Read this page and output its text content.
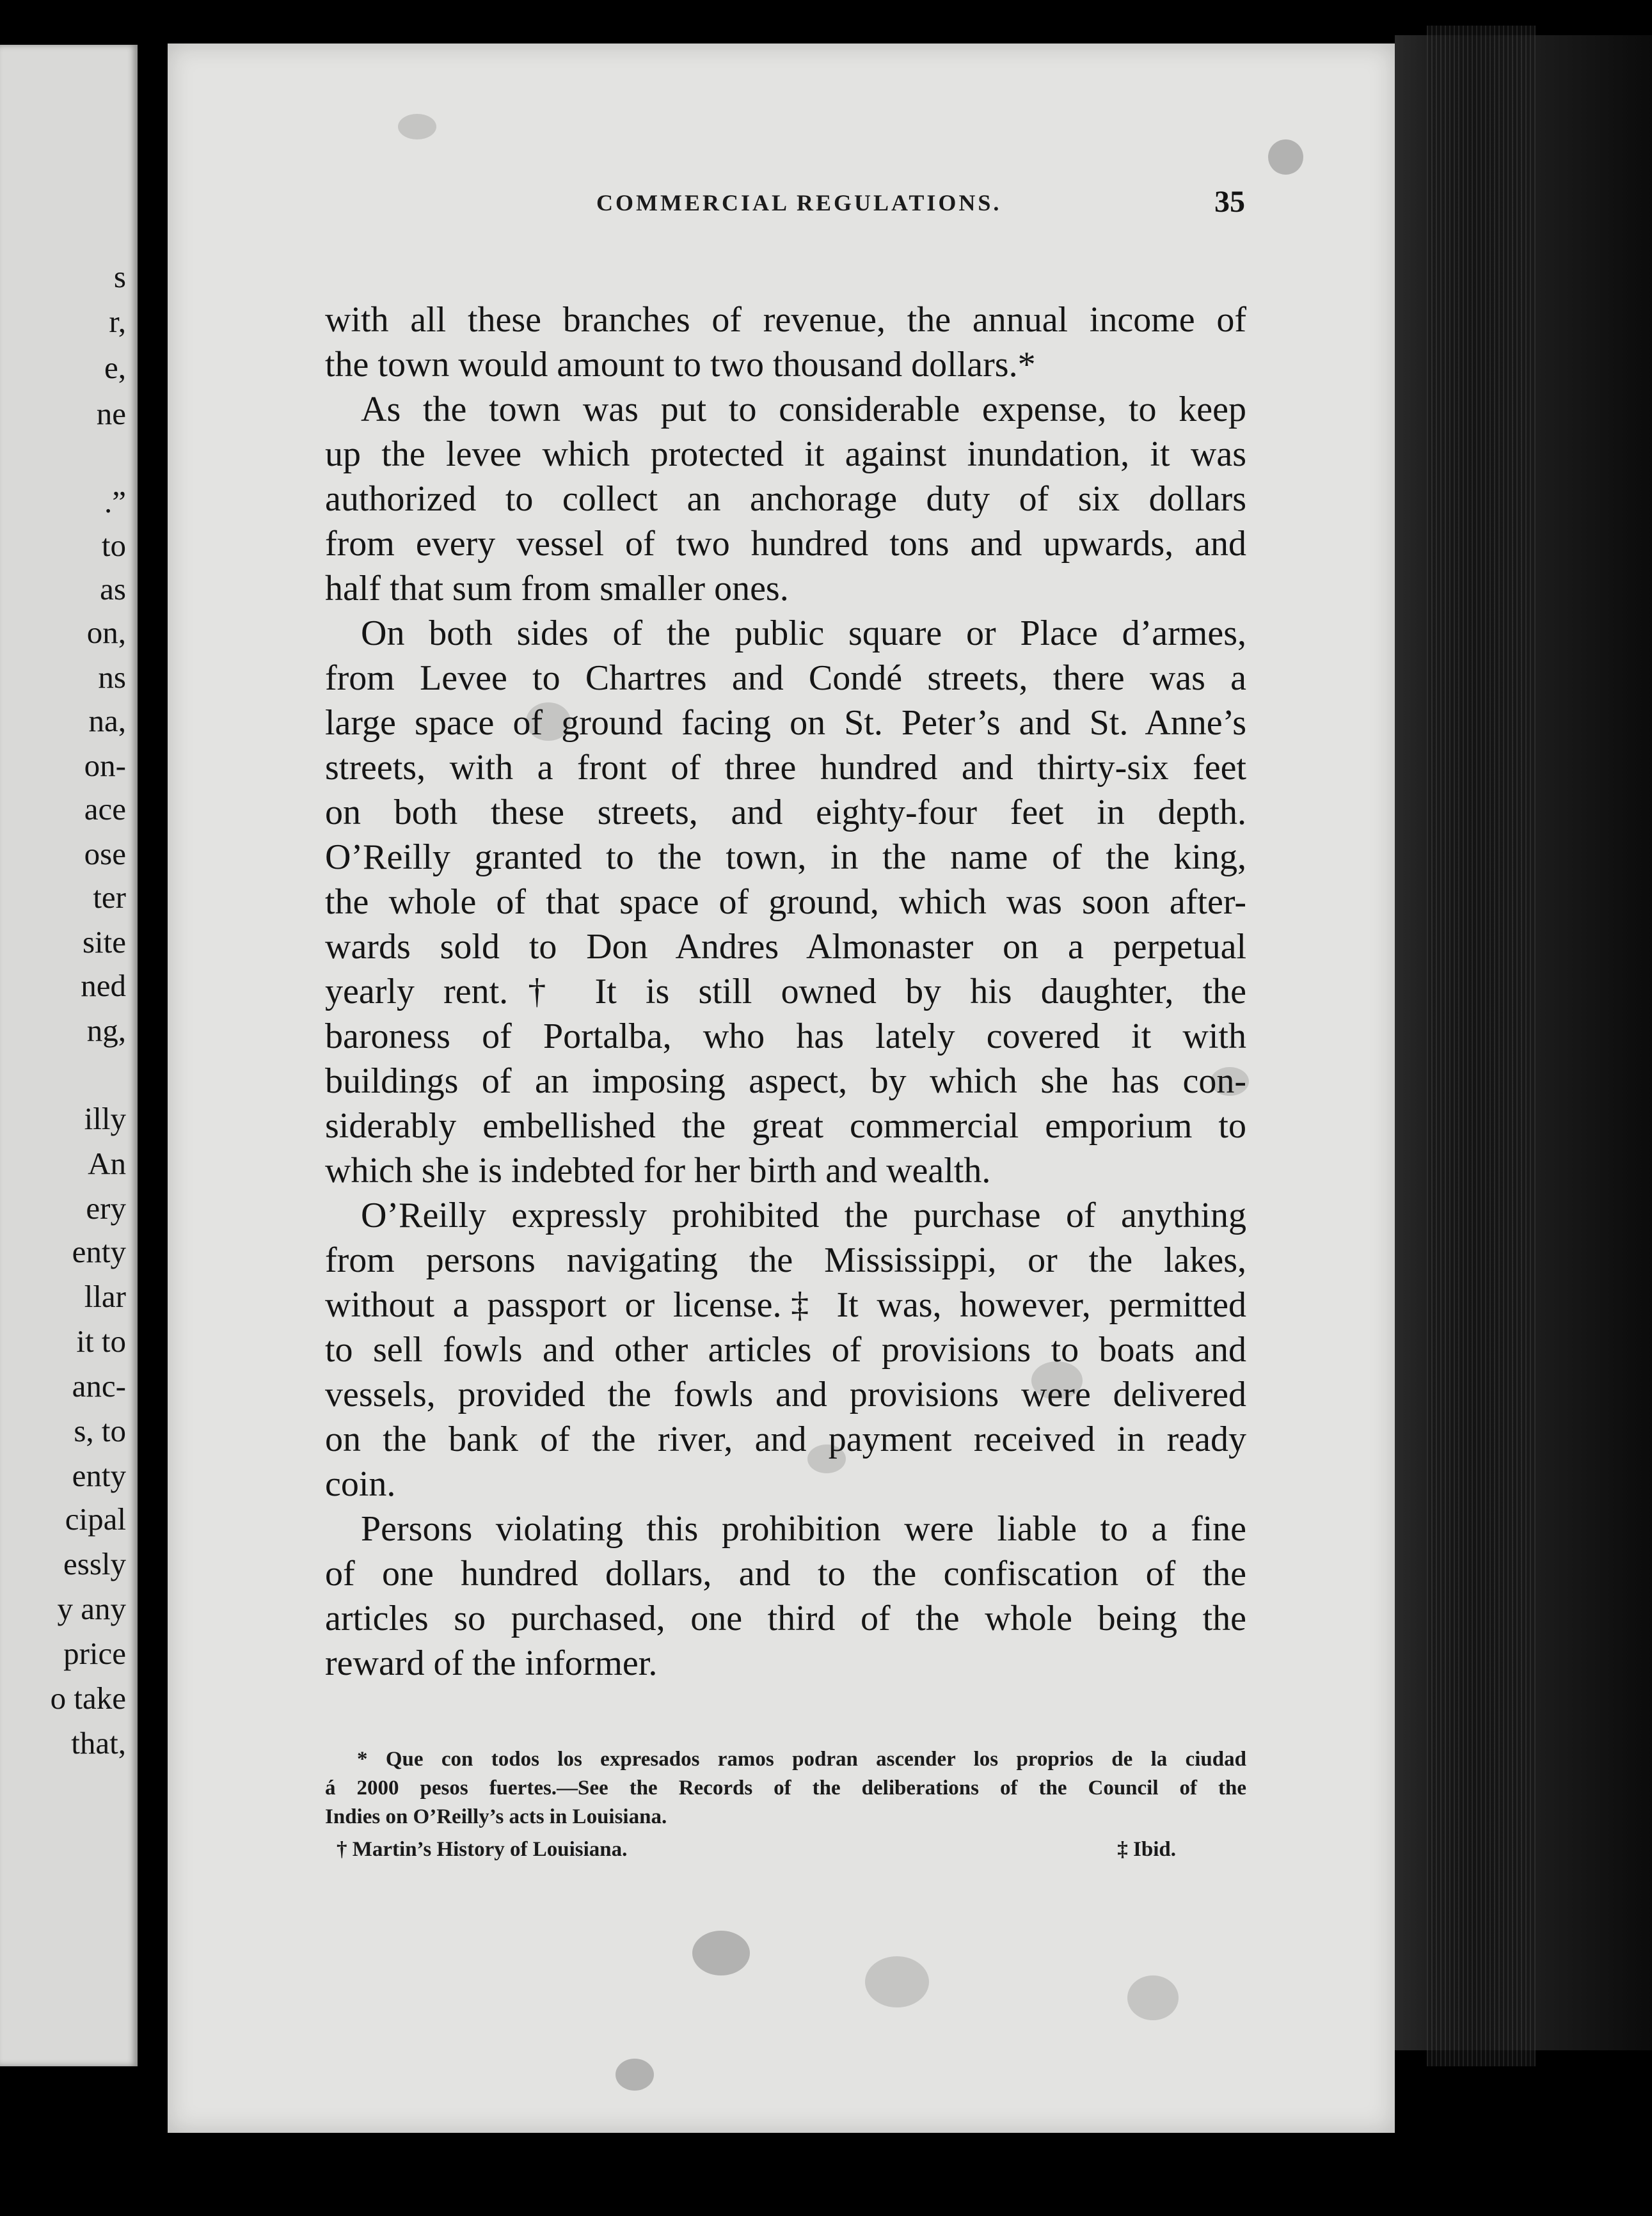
s
r,
e,
ne
.”
to
as
on,
ns
na,
on-
ace
ose
ter
site
ned
ng,
illy
An
ery
enty
llar
it to
anc-
s, to
enty
cipal
essly
y any
price
o take
that,
COMMERCIAL REGULATIONS.	35
with all these branches of revenue, the annual income of
the town would amount to two thousand dollars.*
As the town was put to considerable expense, to keep
up the levee which protected it against inundation, it was
authorized to collect an anchorage duty of six dollars
from every vessel of two hundred tons and upwards, and
half that sum from smaller ones.
On both sides of the public square or Place d’armes,
from Levee to Chartres and Condé streets, there was a
large space of ground facing on St. Peter’s and St. Anne’s
streets, with a front of three hundred and thirty-six feet
on both these streets, and eighty-four feet in depth.
O’Reilly granted to the town, in the name of the king,
the whole of that space of ground, which was soon after-
wards sold to Don Andres Almonaster on a perpetual
yearly rent.† It is still owned by his daughter, the
baroness of Portalba, who has lately covered it with
buildings of an imposing aspect, by which she has con-
siderably embellished the great commercial emporium to
which she is indebted for her birth and wealth.
O’Reilly expressly prohibited the purchase of anything
from persons navigating the Mississippi, or the lakes,
without a passport or license.‡ It was, however, permitted
to sell fowls and other articles of provisions to boats and
vessels, provided the fowls and provisions were delivered
on the bank of the river, and payment received in ready
coin.
Persons violating this prohibition were liable to a fine
of one hundred dollars, and to the confiscation of the
articles so purchased, one third of the whole being the
reward of the informer.
* Que con todos los expresados ramos podran ascender los proprios de la ciudad
á 2000 pesos fuertes.—See the Records of the deliberations of the Council of the
Indies on O’Reilly’s acts in Louisiana.
† Martin’s History of Louisiana.	‡ Ibid.
